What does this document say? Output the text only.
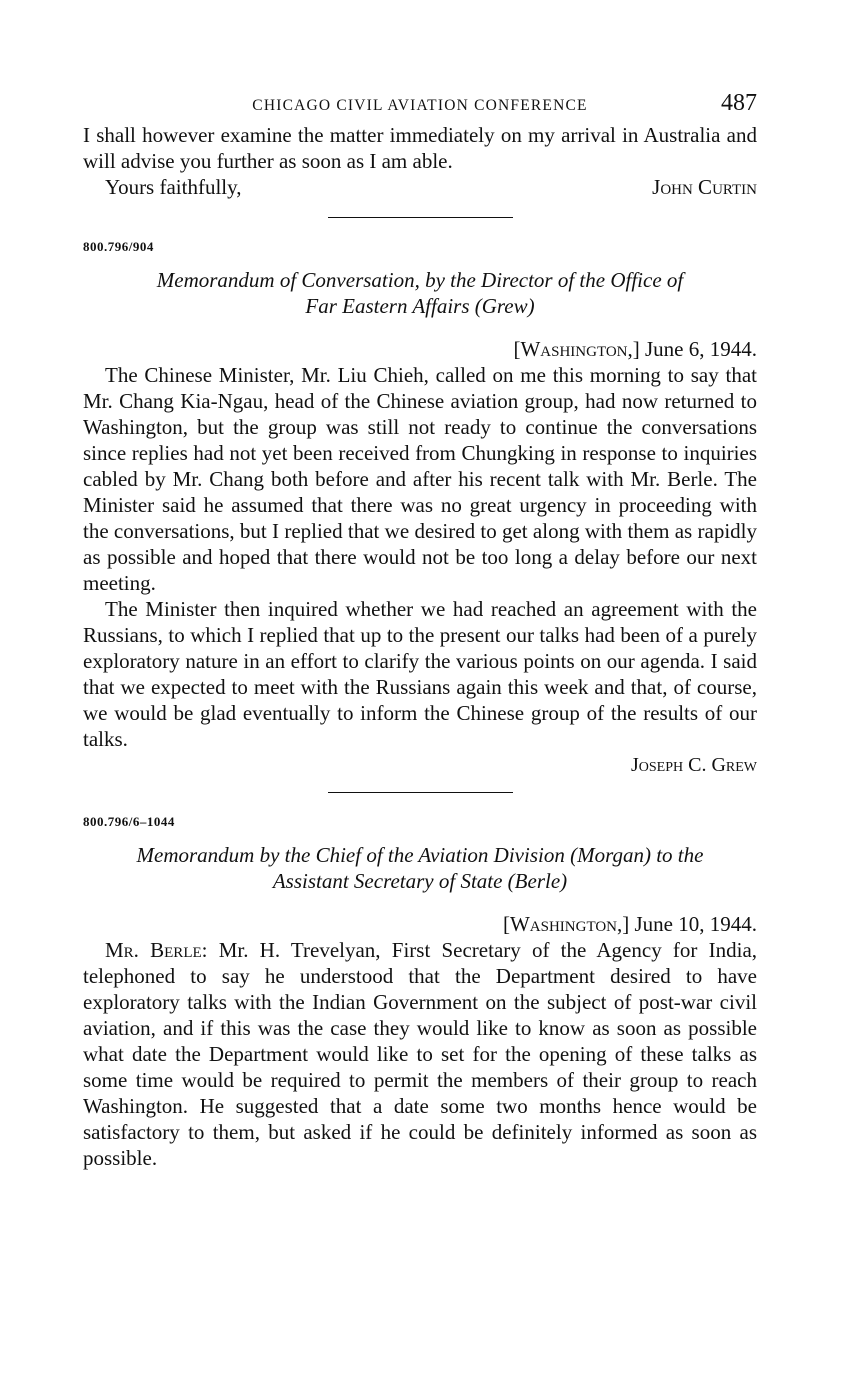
CHICAGO CIVIL AVIATION CONFERENCE	487

I shall however examine the matter immediately on my arrival in Australia and will advise you further as soon as I am able.

Yours faithfully,	John Curtin
800.796/904
Memorandum of Conversation, by the Director of the Office of
Far Eastern Affairs (Grew)
[Washington,] June 6, 1944.

The Chinese Minister, Mr. Liu Chieh, called on me this morning to say that Mr. Chang Kia-Ngau, head of the Chinese aviation group, had now returned to Washington, but the group was still not ready to continue the conversations since replies had not yet been received from Chungking in response to inquiries cabled by Mr. Chang both before and after his recent talk with Mr. Berle. The Minister said he assumed that there was no great urgency in proceeding with the conversations, but I replied that we desired to get along with them as rapidly as possible and hoped that there would not be too long a delay before our next meeting.

The Minister then inquired whether we had reached an agreement with the Russians, to which I replied that up to the present our talks had been of a purely exploratory nature in an effort to clarify the various points on our agenda. I said that we expected to meet with the Russians again this week and that, of course, we would be glad eventually to inform the Chinese group of the results of our talks.

Joseph C. Grew
800.796/6–1044
Memorandum by the Chief of the Aviation Division (Morgan) to the
Assistant Secretary of State (Berle)
[Washington,] June 10, 1944.

Mr. Berle: Mr. H. Trevelyan, First Secretary of the Agency for India, telephoned to say he understood that the Department desired to have exploratory talks with the Indian Government on the subject of post-war civil aviation, and if this was the case they would like to know as soon as possible what date the Department would like to set for the opening of these talks as some time would be required to permit the members of their group to reach Washington. He suggested that a date some two months hence would be satisfactory to them, but asked if he could be definitely informed as soon as possible.
